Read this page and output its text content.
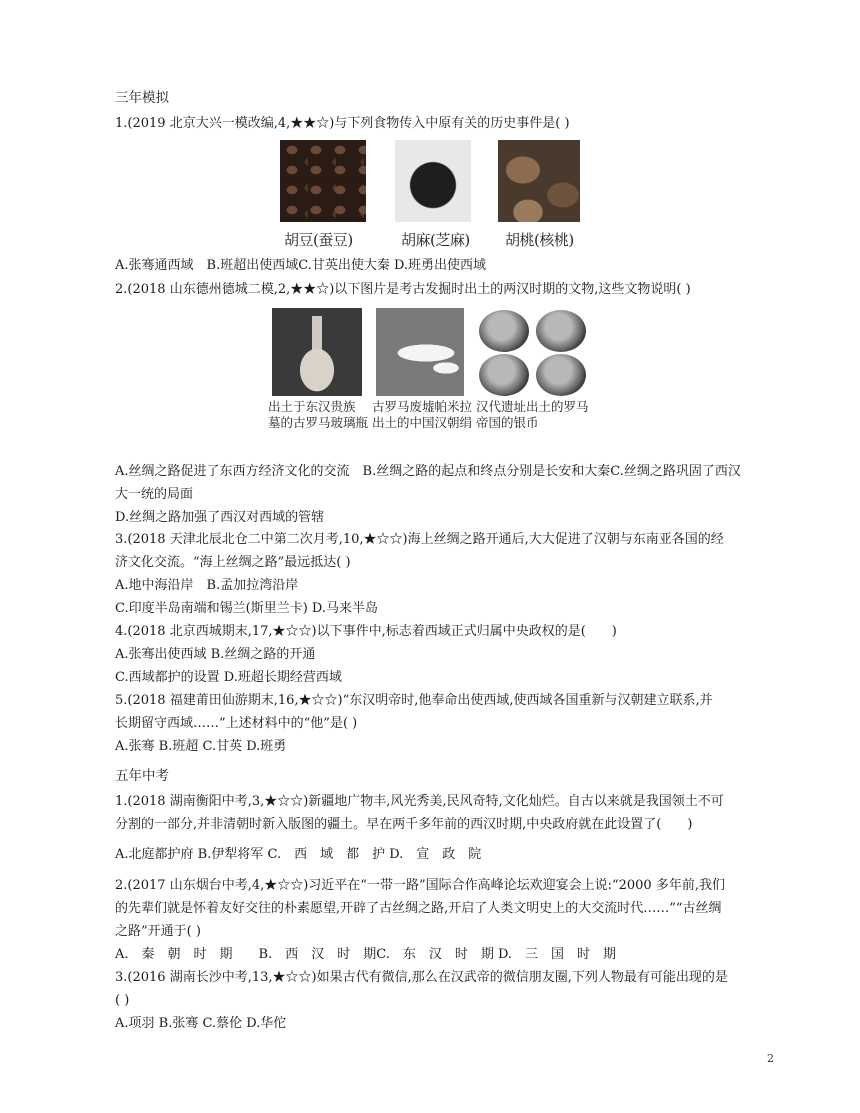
三年模拟
1.(2019 北京大兴一模改编,4,★★☆)与下列食物传入中原有关的历史事件是( )
胡豆(蚕豆)	胡麻(芝麻) 胡桃(核桃)
A.张骞通西域　B.班超出使西域C.甘英出使大秦 D.班勇出使西域
2.(2018 山东德州德城二模,2,★★☆)以下图片是考古发掘时出土的两汉时期的文物,这些文物说明( )
出土于东汉贵族
墓的古罗马玻璃瓶
古罗马废墟帕米拉
出土的中国汉朝绢
汉代遗址出土的罗马
帝国的银币
A.丝绸之路促进了东西方经济文化的交流　B.丝绸之路的起点和终点分别是长安和大秦C.丝绸之路巩固了西汉
大一统的局面
D.丝绸之路加强了西汉对西域的管辖
3.(2018 天津北辰北仓二中第二次月考,10,★☆☆)海上丝绸之路开通后,大大促进了汉朝与东南亚各国的经
济文化交流。“海上丝绸之路”最远抵达( )
A.地中海沿岸　B.孟加拉湾沿岸
C.印度半岛南端和锡兰(斯里兰卡) D.马来半岛
4.(2018 北京西城期末,17,★☆☆)以下事件中,标志着西域正式归属中央政权的是(　　)
A.张骞出使西域 B.丝绸之路的开通
C.西域都护的设置 D.班超长期经营西域
5.(2018 福建莆田仙游期末,16,★☆☆)“东汉明帝时,他奉命出使西域,使西域各国重新与汉朝建立联系,并
长期留守西域……”上述材料中的“他”是( )
A.张骞 B.班超 C.甘英 D.班勇
五年中考
1.(2018 湖南衡阳中考,3,★☆☆)新疆地广物丰,风光秀美,民风奇特,文化灿烂。自古以来就是我国领土不可
分割的一部分,并非清朝时新入版图的疆土。早在两千多年前的西汉时期,中央政府就在此设置了(　　)
A.北庭都护府 B.伊犁将军 C.　西　域　都　护 D.　宣　政　院
2.(2017 山东烟台中考,4,★☆☆)习近平在“一带一路”国际合作高峰论坛欢迎宴会上说:“2000 多年前,我们
的先辈们就是怀着友好交往的朴素愿望,开辟了古丝绸之路,开启了人类文明史上的大交流时代……”“古丝绸
之路”开通于( )
A.　秦　朝　时　期　　B.　西　汉　时　期C.　东　汉　时　期 D.　三　国　时　期
3.(2016 湖南长沙中考,13,★☆☆)如果古代有微信,那么在汉武帝的微信朋友圈,下列人物最有可能出现的是
( )
A.项羽 B.张骞 C.蔡伦 D.华佗
2
